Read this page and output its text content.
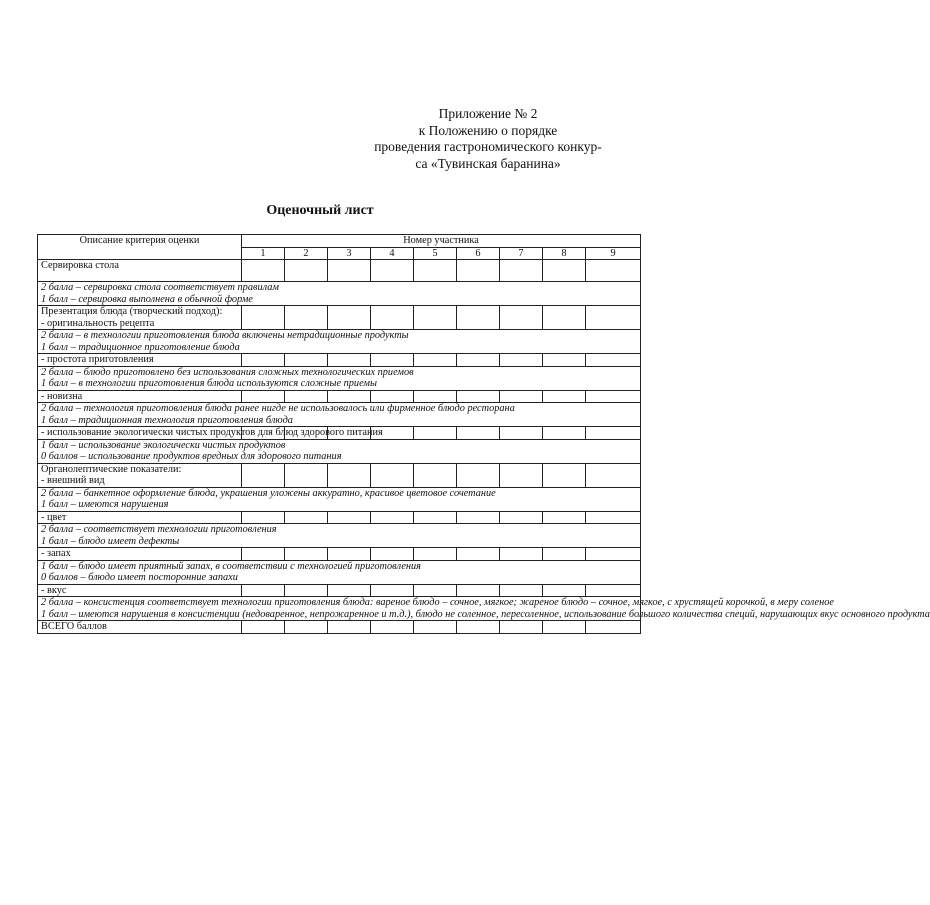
Приложение № 2
к Положению о порядке
проведения гастрономического конкур-
са «Тувинская баранина»
Оценочный лист
Описание критерия оценки	Номер участника								
	1	2	3	4	5	6	7	8	9
Сервировка стола									

2 балла – сервировка стола соответствует правилам
1 балл – сервировка выполнена в обычной форме									

Презентация блюда (творческий подход):
- оригинальность рецепта									

2 балла – в технологии приготовления блюда включены нетрадиционные продукты
1 балл – традиционное приготовление блюда									

- простота приготовления									

2 балла – блюдо приготовлено без использования сложных технологических приемов
1 балл – в технологии приготовления блюда используются сложные приемы									

- новизна									

2 балла – технология приготовления блюда ранее нигде не использовалось или фирменное блюдо ресторана
1 балл – традиционная технология приготовления блюда									

- использование экологически чистых продуктов для блюд здорового питания									

1 балл – использование экологически чистых продуктов
0 баллов – использование продуктов вредных для здорового питания									

Органолептические показатели:
- внешний вид									

2 балла – банкетное оформление блюда, украшения уложены аккуратно, красивое цветовое сочетание
1 балл – имеются нарушения									

- цвет									

2 балла – соответствует технологии приготовления
1 балл – блюдо имеет дефекты									

- запах									

1 балл – блюдо имеет приятный запах, в соответствии с технологией приготовления
0 баллов – блюдо имеет посторонние запахи									

- вкус									

2 балла – консистенция соответствует технологии приготовления блюда: вареное блюдо – сочное, мягкое; жареное блюдо – сочное, мягкое, с хрустящей корочкой, в меру соленое
1 балл – имеются нарушения в консистенции (недоваренное, непрожаренное и т.д.), блюдо не соленное, пересоленное, использование большого количества специй, нарушающих вкус основного продукта									

ВСЕГО баллов									
